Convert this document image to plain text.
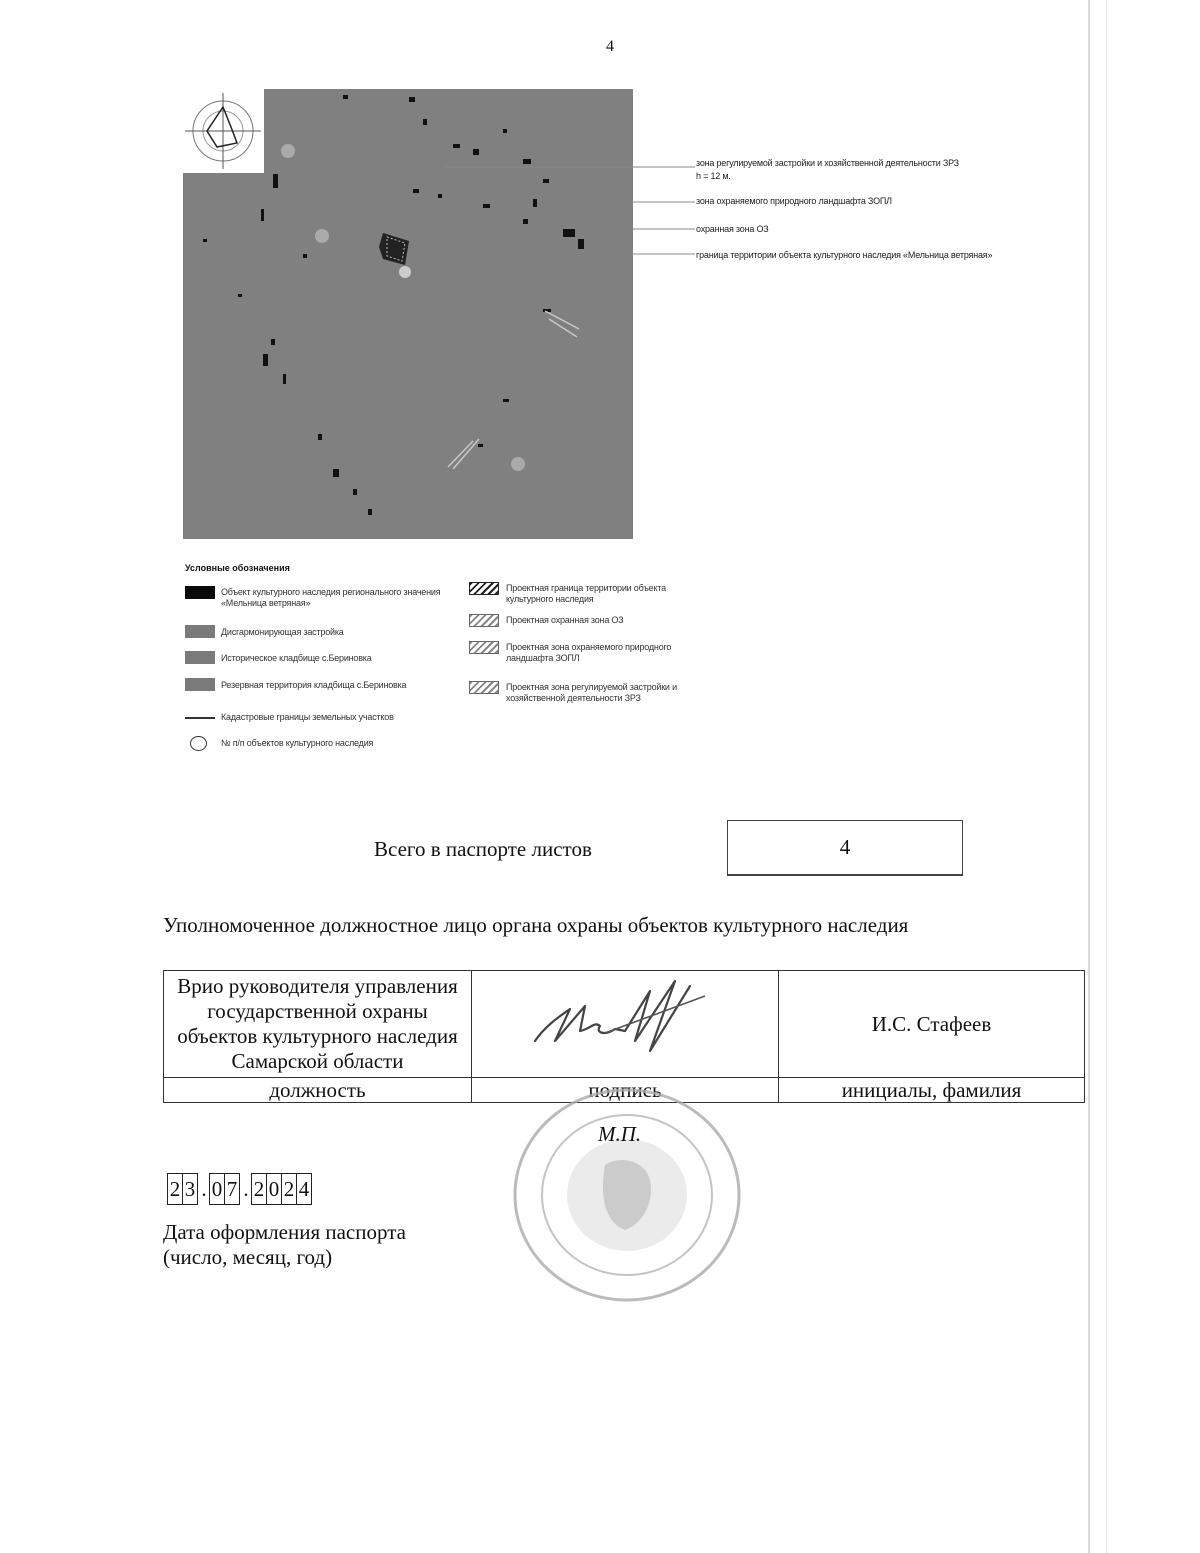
4
зона регулируемой застройки и хозяйственной деятельности ЗРЗ
h = 12 м.
зона охраняемого природного ландшафта ЗОПЛ
охранная зона ОЗ
граница территории объекта культурного наследия «Мельница ветряная»
Условные обозначения
Объект культурного наследия регионального значения «Мельница ветряная»
Дисгармонирующая застройка
Историческое кладбище с.Бериновка
Резервная территория кладбища с.Бериновка
Кадастровые границы земельных участков
№ п/п объектов культурного наследия
Проектная граница территории объекта культурного наследия
Проектная охранная зона ОЗ
Проектная зона охраняемого природного ландшафта ЗОПЛ
Проектная зона регулируемой застройки и хозяйственной деятельности ЗРЗ
Всего в паспорте листов	4
Уполномоченное должностное лицо органа охраны объектов культурного наследия
Врио руководителя управления
государственной охраны
объектов культурного наследия
Самарской области		И.С. Стафеев
должность	подпись	инициалы, фамилия
М.П.
2 3 . 0 7 . 2 0 2 4
Дата оформления паспорта
(число, месяц, год)
